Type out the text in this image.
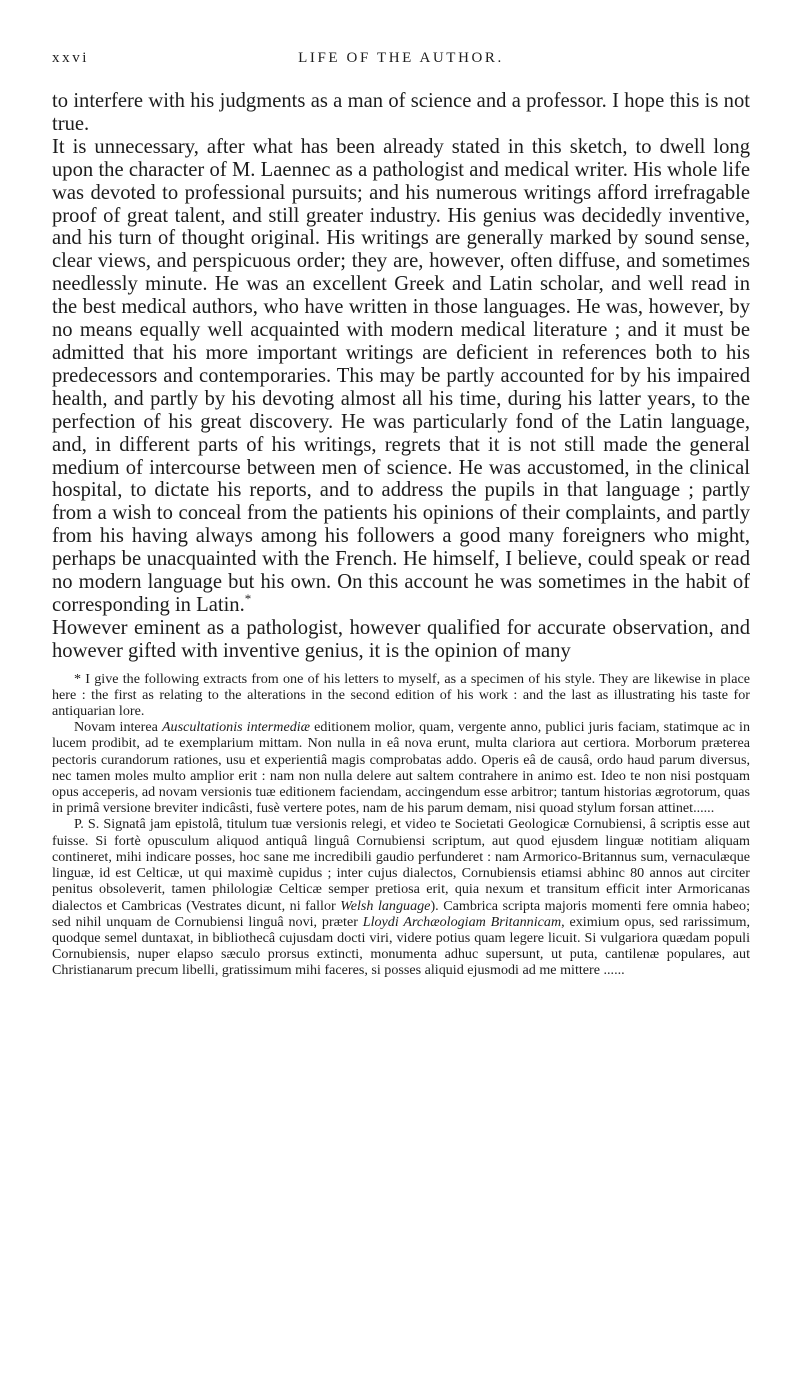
xxvi	LIFE OF THE AUTHOR.

to interfere with his judgments as a man of science and a professor. I hope this is not true.

It is unnecessary, after what has been already stated in this sketch, to dwell long upon the character of M. Laennec as a pathologist and medical writer. His whole life was devoted to professional pursuits; and his numerous writings afford irrefragable proof of great talent, and still greater industry. His genius was decidedly inventive, and his turn of thought original. His writings are generally marked by sound sense, clear views, and perspicuous order; they are, however, often diffuse, and sometimes needlessly minute. He was an excellent Greek and Latin scholar, and well read in the best medical authors, who have written in those languages. He was, however, by no means equally well acquainted with modern medical literature ; and it must be admitted that his more important writings are deficient in references both to his predecessors and contemporaries. This may be partly accounted for by his impaired health, and partly by his devoting almost all his time, during his latter years, to the perfection of his great discovery. He was particularly fond of the Latin language, and, in different parts of his writings, regrets that it is not still made the general medium of intercourse between men of science. He was accustomed, in the clinical hospital, to dictate his reports, and to address the pupils in that language ; partly from a wish to conceal from the patients his opinions of their complaints, and partly from his having always among his followers a good many foreigners who might, perhaps be unacquainted with the French. He himself, I believe, could speak or read no modern language but his own. On this account he was sometimes in the habit of corresponding in Latin.*

However eminent as a pathologist, however qualified for accurate observation, and however gifted with inventive genius, it is the opinion of many

* I give the following extracts from one of his letters to myself, as a specimen of his style. They are likewise in place here : the first as relating to the alterations in the second edition of his work : and the last as illustrating his taste for antiquarian lore.

Novam interea Auscultationis intermediæ editionem molior, quam, vergente anno, publici juris faciam, statimque ac in lucem prodibit, ad te exemplarium mittam. Non nulla in eâ nova erunt, multa clariora aut certiora. Morborum præterea pectoris curandorum rationes, usu et experientiâ magis comprobatas addo. Operis eâ de causâ, ordo haud parum diversus, nec tamen moles multo amplior erit : nam non nulla delere aut saltem contrahere in animo est. Ideo te non nisi postquam opus acceperis, ad novam versionis tuæ editionem faciendam, accingendum esse arbitror; tantum historias ægrotorum, quas in primâ versione breviter indicâsti, fusè vertere potes, nam de his parum demam, nisi quoad stylum forsan attinet......

P. S. Signatâ jam epistolâ, titulum tuæ versionis relegi, et video te Societati Geologicæ Cornubiensi, â scriptis esse aut fuisse. Si fortè opusculum aliquod antiquâ linguâ Cornubiensi scriptum, aut quod ejusdem linguæ notitiam aliquam contineret, mihi indicare posses, hoc sane me incredibili gaudio perfunderet : nam Armorico-Britannus sum, vernaculæque linguæ, id est Celticæ, ut qui maximè cupidus ; inter cujus dialectos, Cornubiensis etiamsi abhinc 80 annos aut circiter penitus obsoleverit, tamen philologiæ Celticæ semper pretiosa erit, quia nexum et transitum efficit inter Armoricanas dialectos et Cambricas (Vestrates dicunt, ni fallor Welsh language). Cambrica scripta majoris momenti fere omnia habeo; sed nihil unquam de Cornubiensi linguâ novi, præter Lloydi Archæologiam Britannicam, eximium opus, sed rarissimum, quodque semel duntaxat, in bibliothecâ cujusdam docti viri, videre potius quam legere licuit. Si vulgariora quædam populi Cornubiensis, nuper elapso sæculo prorsus extincti, monumenta adhuc supersunt, ut puta, cantilenæ populares, aut Christianarum precum libelli, gratissimum mihi faceres, si posses aliquid ejusmodi ad me mittere ......
